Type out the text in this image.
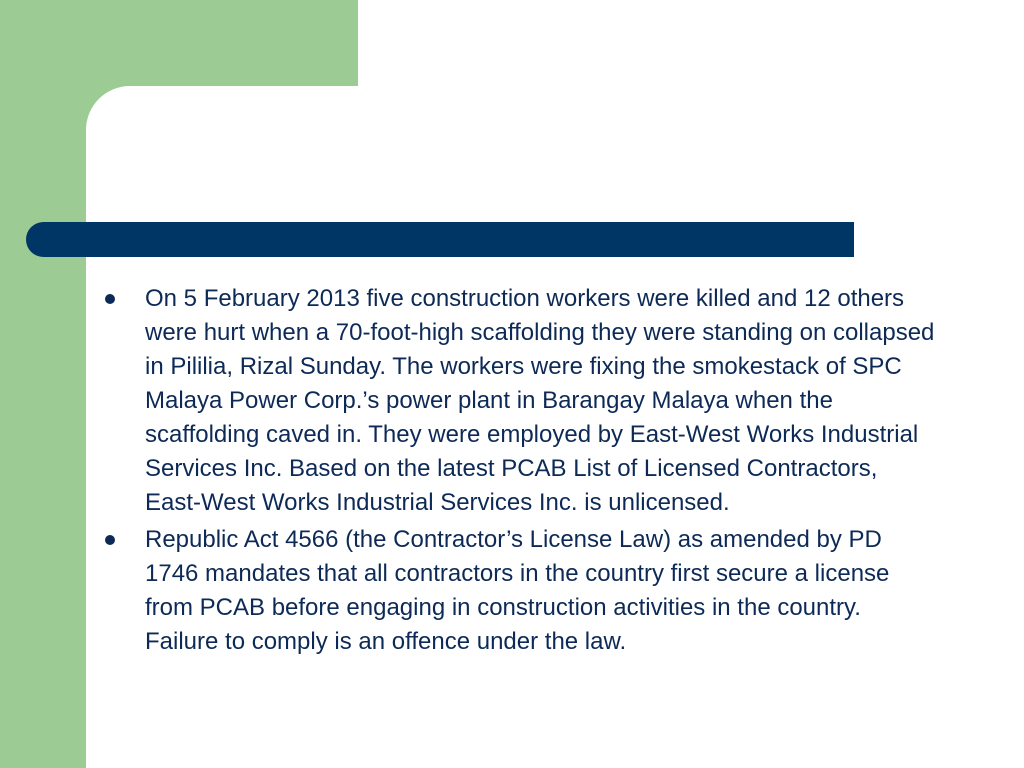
On 5 February 2013 five construction workers were killed and 12 others were hurt when a 70-foot-high scaffolding they were standing on collapsed in Pililia, Rizal Sunday. The workers were fixing the smokestack of SPC Malaya Power Corp.’s power plant in Barangay Malaya when the scaffolding caved in. They were employed by East-West Works Industrial Services Inc. Based on the latest PCAB List of Licensed Contractors, East-West Works Industrial Services Inc. is unlicensed.
Republic Act 4566 (the Contractor’s License Law) as amended by PD 1746 mandates that all contractors in the country first secure a license from PCAB before engaging in construction activities in the country. Failure to comply is an offence under the law.
